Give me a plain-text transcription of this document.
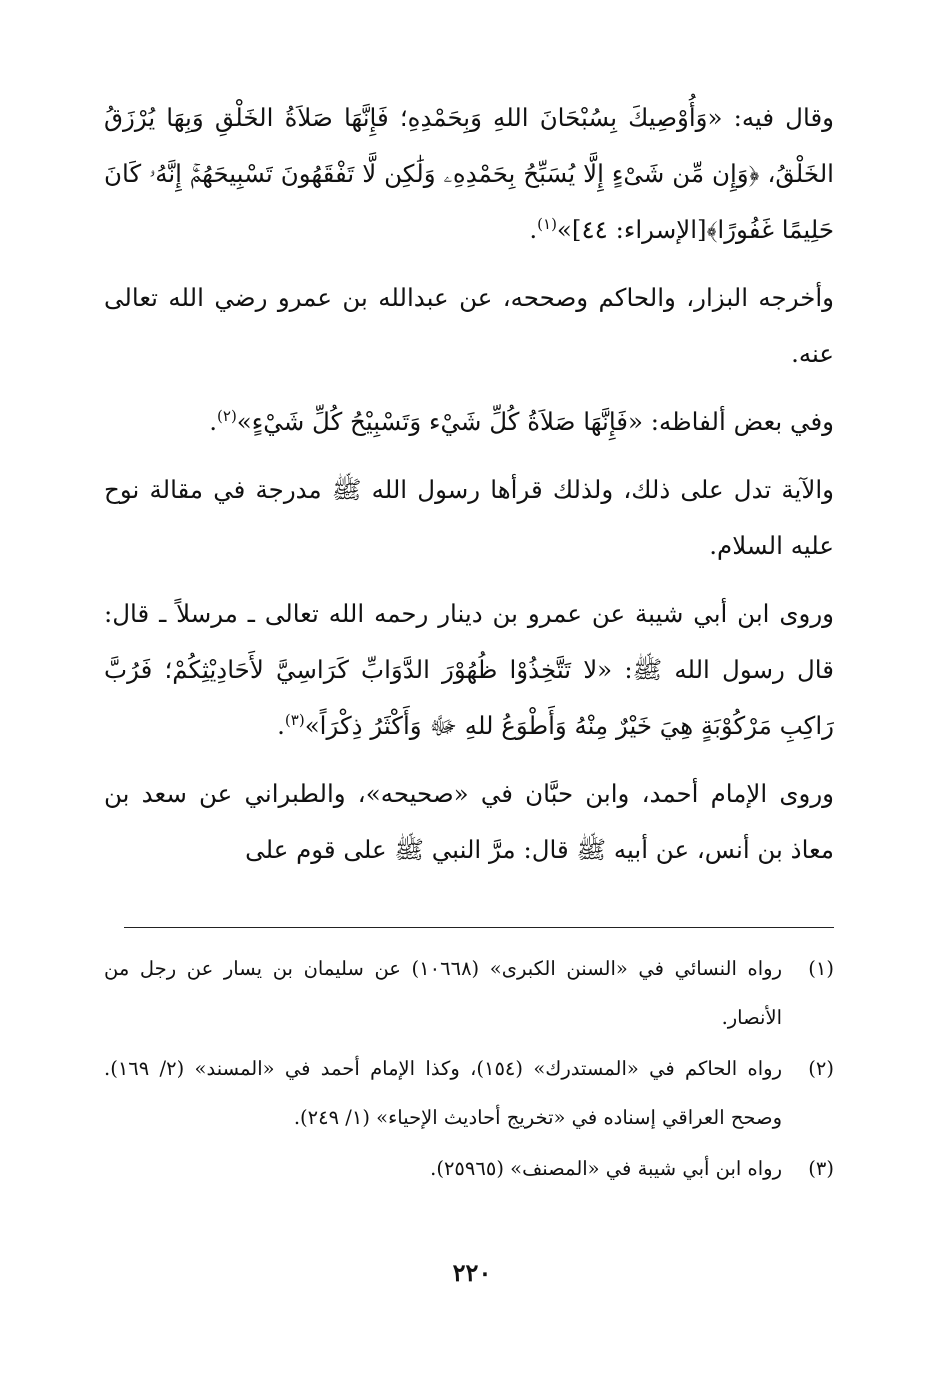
وقال فيه: «وَأُوْصِيكَ بِسُبْحَانَ اللهِ وَبِحَمْدِهِ؛ فَإِنَّهَا صَلاَةُ الخَلْقِ وَبِهَا يُرْزَقُ الخَلْقُ، ﴿وَإِن مِّن شَىْءٍ إِلَّا يُسَبِّحُ بِحَمْدِهِۦ وَلَٰكِن لَّا تَفْقَهُونَ تَسْبِيحَهُمْۚ إِنَّهُۥ كَانَ حَلِيمًا غَفُورًا﴾[الإسراء: ٤٤]»$^{(١)}$.

وأخرجه البزار، والحاكم وصححه، عن عبدالله بن عمرو رضي الله تعالى عنه.

وفي بعض ألفاظه: «فَإِنَّهَا صَلاَةُ كُلِّ شَيْء وَتَسْبِيْحُ كُلِّ شَيْءٍ»$^{(٢)}$.

والآية تدل على ذلك، ولذلك قرأها رسول الله ﷺ مدرجة في مقالة نوح عليه السلام.

وروى ابن أبي شيبة عن عمرو بن دينار رحمه الله تعالى ـ مرسلاً ـ قال: قال رسول الله ﷺ: «لا تَتَّخِذُوْا ظُهُوْرَ الدَّوَابِّ كَرَاسِيَّ لأَحَادِيْثِكُمْ؛ فَرُبَّ رَاكِبِ مَرْكُوْبَةٍ هِيَ خَيْرٌ مِنْهُ وَأَطْوَعُ للهِ ﷻ وَأَكْثَرُ ذِكْرَاً»$^{(٣)}$.

وروى الإمام أحمد، وابن حبَّان في «صحيحه»، والطبراني عن سعد بن معاذ بن أنس، عن أبيه ﷺ قال: مرَّ النبي ﷺ على قوم على

(١)
رواه النسائي في «السنن الكبرى» (١٠٦٦٨) عن سليمان بن يسار عن رجل من الأنصار.
(٢)
رواه الحاكم في «المستدرك» (١٥٤)، وكذا الإمام أحمد في «المسند» (٢/ ١٦٩). وصحح العراقي إسناده في «تخريج أحاديث الإحياء» (١/ ٢٤٩).
(٣)
رواه ابن أبي شيبة في «المصنف» (٢٥٩٦٥).
٢٢٠
